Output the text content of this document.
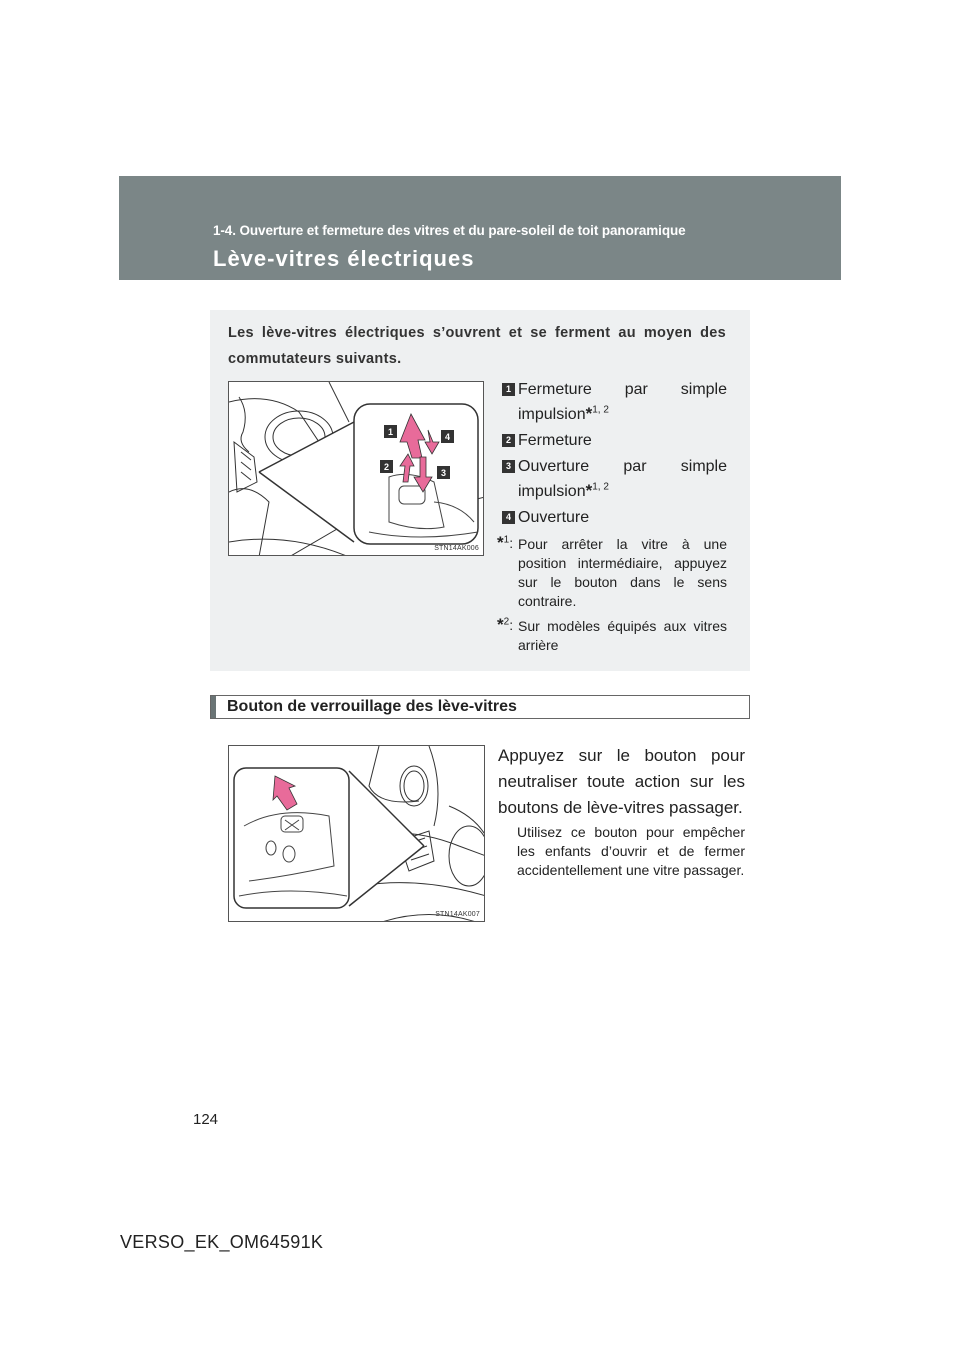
1-4. Ouverture et fermeture des vitres et du pare-soleil de toit panoramique
Lève-vitres électriques
Les lève-vitres électriques s’ouvrent et se ferment au moyen des commutateurs suivants.
1
2
3
4
STN14AK006
1 Fermeture par simple impulsion*$^{1, 2}$
2 Fermeture
3 Ouverture par simple impulsion*$^{1, 2}$
4 Ouverture
*$^1$: Pour arrêter la vitre à une position intermédiaire, appuyez sur le bouton dans le sens contraire.
*$^2$: Sur modèles équipés aux vitres arrière
Bouton de verrouillage des lève-vitres
STN14AK007
Appuyez sur le bouton pour neutraliser toute action sur les boutons de lève-vitres passager.
Utilisez ce bouton pour empêcher les enfants d’ouvrir et de fermer accidentellement une vitre passager.
124
VERSO_EK_OM64591K
